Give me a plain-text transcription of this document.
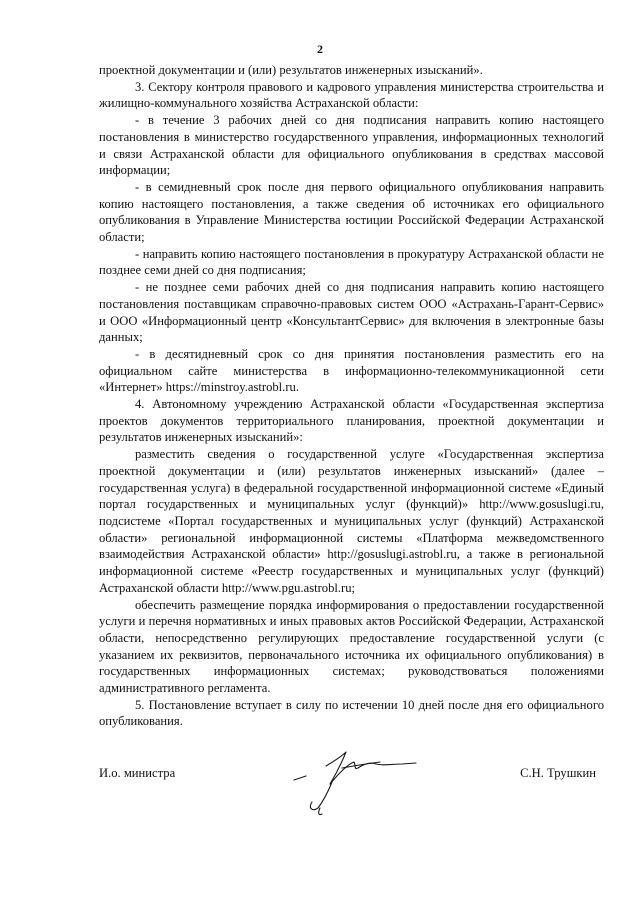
2

проектной документации и (или) результатов инженерных изысканий».

3. Сектору контроля правового и кадрового управления министерства строительства и жилищно-коммунального хозяйства Астраханской области:

- в течение 3 рабочих дней со дня подписания направить копию настоящего постановления в министерство государственного управления, информационных технологий и связи Астраханской области для официального опубликования в средствах массовой информации;

- в семидневный срок после дня первого официального опубликования направить копию настоящего постановления, а также сведения об источниках его официального опубликования в Управление Министерства юстиции Российской Федерации Астраханской области;

- направить копию настоящего постановления в прокуратуру Астраханской области не позднее семи дней со дня подписания;

- не позднее семи рабочих дней со дня подписания направить копию настоящего постановления поставщикам справочно-правовых систем ООО «Астрахань-Гарант-Сервис» и ООО «Информационный центр «КонсультантСервис» для включения в электронные базы данных;

- в десятидневный срок со дня принятия постановления разместить его на официальном сайте министерства в информационно-телекоммуникационной сети «Интернет» https://minstroy.astrobl.ru.

4. Автономному учреждению Астраханской области «Государственная экспертиза проектов документов территориального планирования, проектной документации и результатов инженерных изысканий»:

разместить сведения о государственной услуге «Государственная экспертиза проектной документации и (или) результатов инженерных изысканий» (далее – государственная услуга) в федеральной государственной информационной системе «Единый портал государственных и муниципальных услуг (функций)» http://www.gosuslugi.ru, подсистеме «Портал государственных и муниципальных услуг (функций) Астраханской области» региональной информационной системы «Платформа межведомственного взаимодействия Астраханской области» http://gosuslugi.astrobl.ru, а также в региональной информационной системе «Реестр государственных и муниципальных услуг (функций) Астраханской области http://www.pgu.astrobl.ru;

обеспечить размещение порядка информирования о предоставлении государственной услуги и перечня нормативных и иных правовых актов Российской Федерации, Астраханской области, непосредственно регулирующих предоставление государственной услуги (с указанием их реквизитов, первоначального источника их официального опубликования) в государственных информационных системах; руководствоваться положениями административного регламента.

5. Постановление вступает в силу по истечении 10 дней после дня его официального опубликования.

И.о. министра	С.Н. Трушкин
